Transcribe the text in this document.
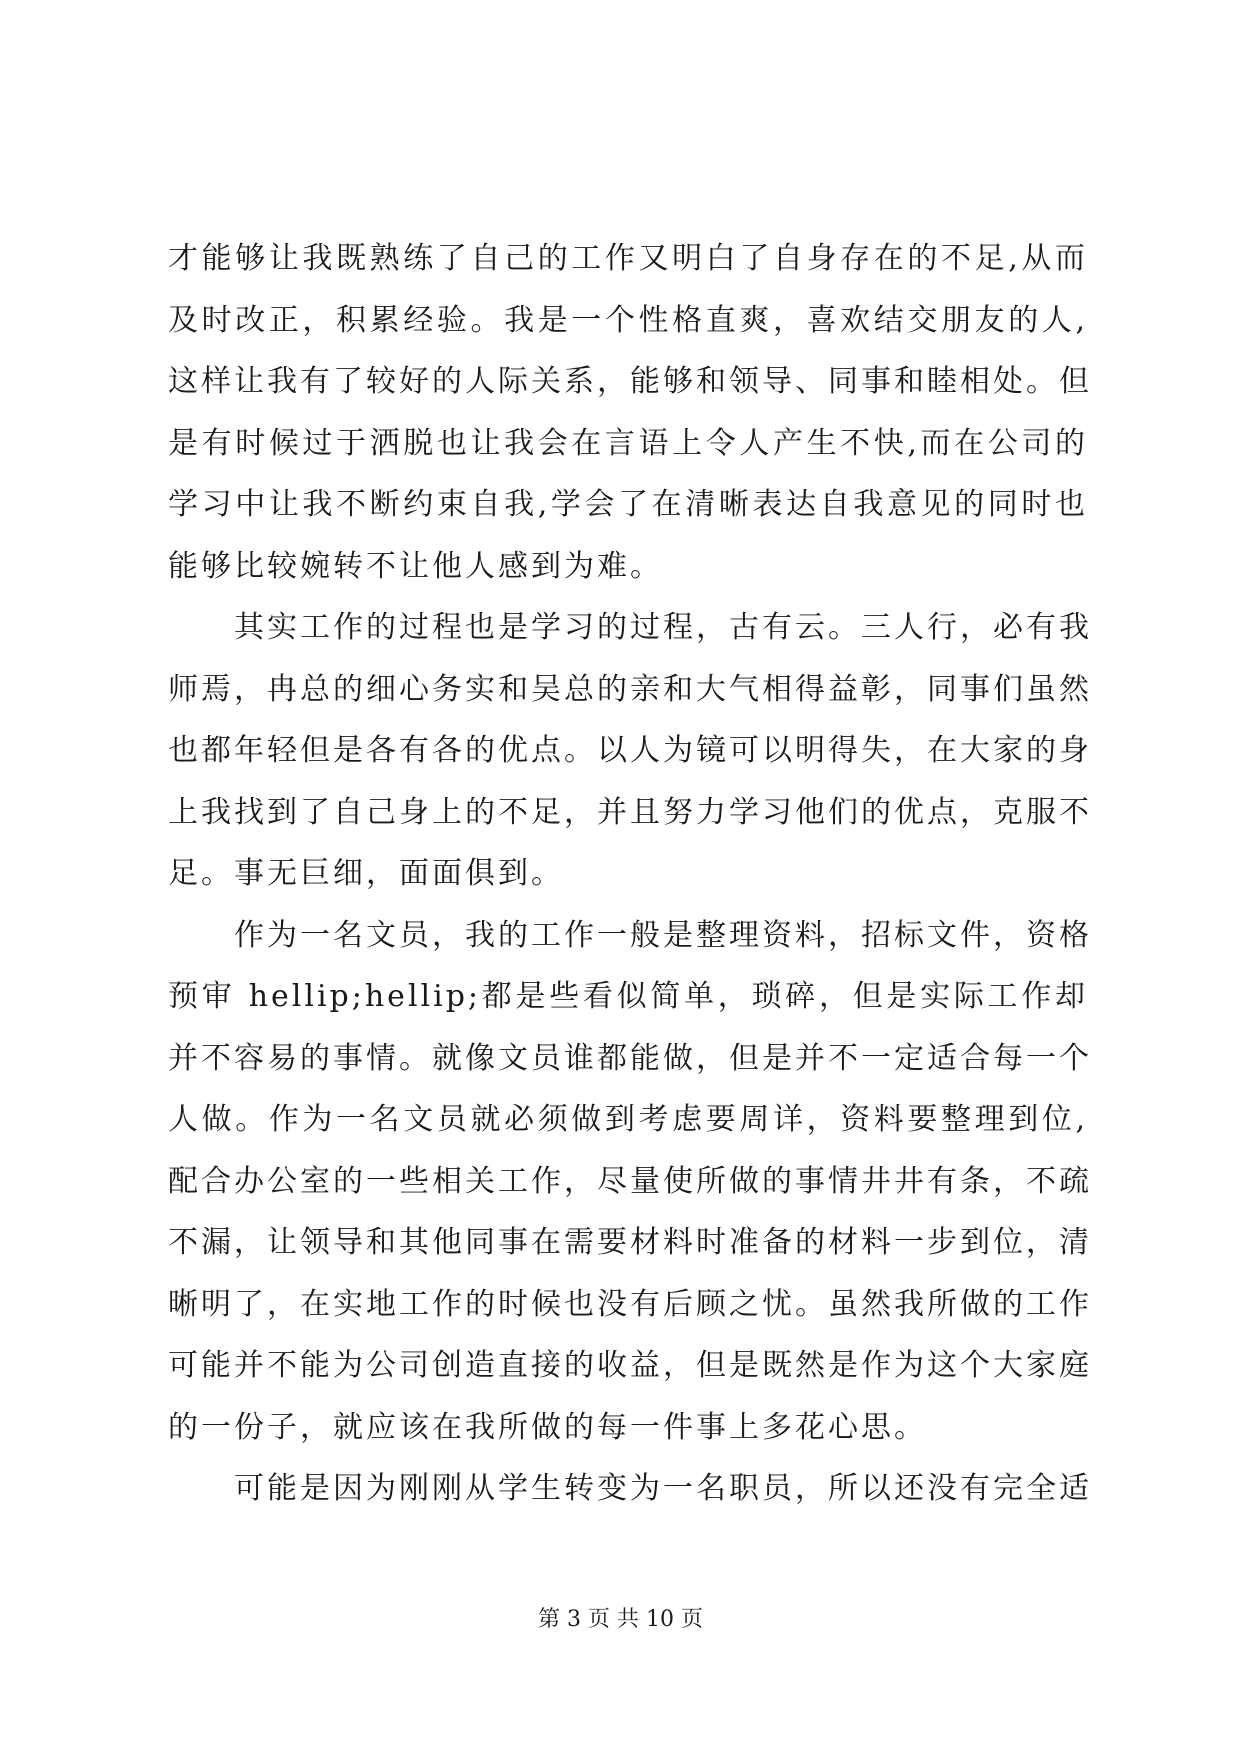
才能够让我既熟练了自己的工作又明白了自身存在的不足,从而
及时改正，积累经验。我是一个性格直爽，喜欢结交朋友的人,
这样让我有了较好的人际关系，能够和领导、同事和睦相处。但
是有时候过于洒脱也让我会在言语上令人产生不快,而在公司的
学习中让我不断约束自我,学会了在清晰表达自我意见的同时也
能够比较婉转不让他人感到为难。
其实工作的过程也是学习的过程，古有云。三人行，必有我
师焉，冉总的细心务实和吴总的亲和大气相得益彰，同事们虽然
也都年轻但是各有各的优点。以人为镜可以明得失，在大家的身
上我找到了自己身上的不足，并且努力学习他们的优点，克服不
足。事无巨细，面面俱到。
作为一名文员，我的工作一般是整理资料，招标文件，资格
预审 hellip;hellip;都是些看似简单，琐碎，但是实际工作却
并不容易的事情。就像文员谁都能做，但是并不一定适合每一个
人做。作为一名文员就必须做到考虑要周详，资料要整理到位,
配合办公室的一些相关工作，尽量使所做的事情井井有条，不疏
不漏，让领导和其他同事在需要材料时准备的材料一步到位，清
晰明了，在实地工作的时候也没有后顾之忧。虽然我所做的工作
可能并不能为公司创造直接的收益，但是既然是作为这个大家庭
的一份子，就应该在我所做的每一件事上多花心思。
可能是因为刚刚从学生转变为一名职员，所以还没有完全适
第 3 页 共 10 页
